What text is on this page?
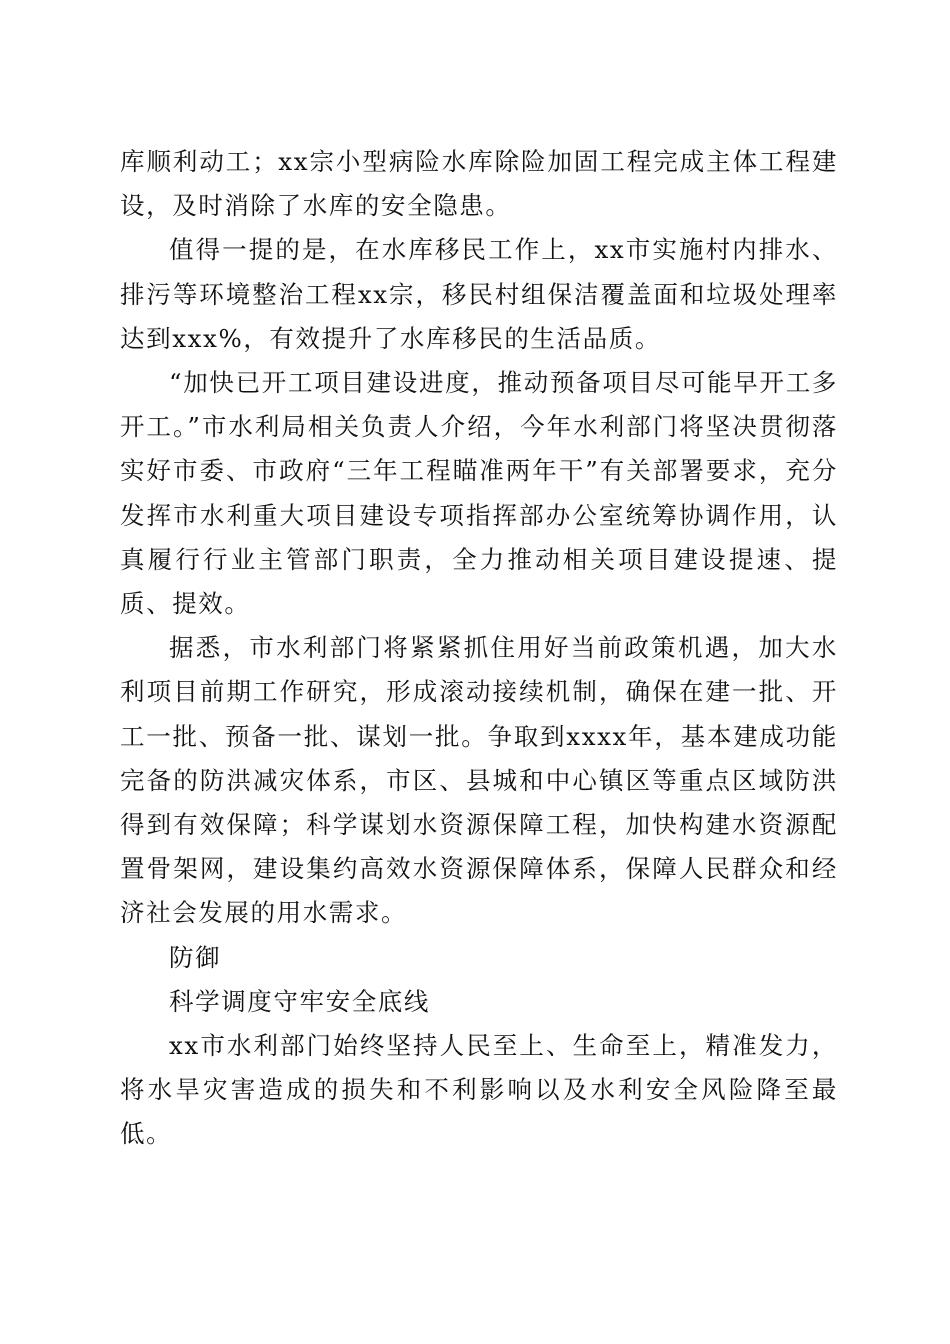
库顺利动工；xx宗小型病险水库除险加固工程完成主体工程建设，及时消除了水库的安全隐患。

值得一提的是，在水库移民工作上，xx市实施村内排水、排污等环境整治工程xx宗，移民村组保洁覆盖面和垃圾处理率达到xxx%，有效提升了水库移民的生活品质。

“加快已开工项目建设进度，推动预备项目尽可能早开工多开工。”市水利局相关负责人介绍，今年水利部门将坚决贯彻落实好市委、市政府“三年工程瞄准两年干”有关部署要求，充分发挥市水利重大项目建设专项指挥部办公室统筹协调作用，认真履行行业主管部门职责，全力推动相关项目建设提速、提质、提效。

据悉，市水利部门将紧紧抓住用好当前政策机遇，加大水利项目前期工作研究，形成滚动接续机制，确保在建一批、开工一批、预备一批、谋划一批。争取到xxxx年，基本建成功能完备的防洪减灾体系，市区、县城和中心镇区等重点区域防洪得到有效保障；科学谋划水资源保障工程，加快构建水资源配置骨架网，建设集约高效水资源保障体系，保障人民群众和经济社会发展的用水需求。

防御

科学调度守牢安全底线

xx市水利部门始终坚持人民至上、生命至上，精准发力，将水旱灾害造成的损失和不利影响以及水利安全风险降至最低。
